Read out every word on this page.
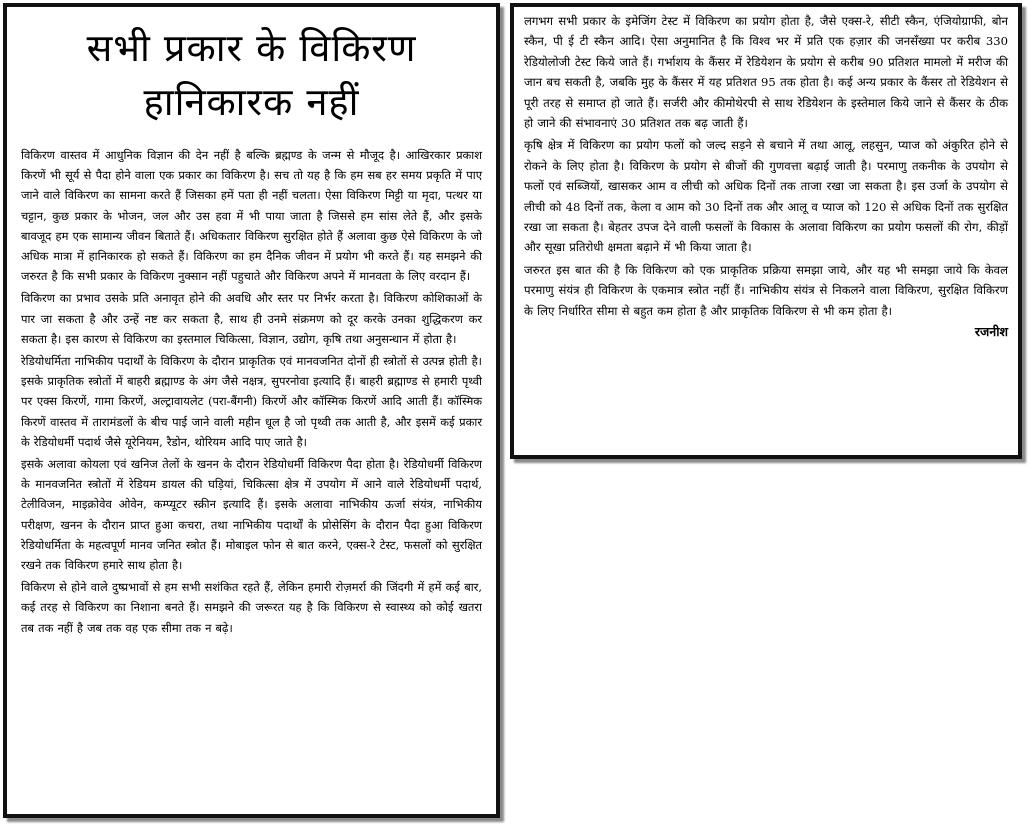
सभी प्रकार के विकिरण
हानिकारक नहीं

विकिरण वास्तव में आधुनिक विज्ञान की देन नहीं है बल्कि ब्रह्मण्ड के जन्म से मौजूद है। आखिरकार प्रकाश किरणें भी सूर्य से पैदा होने वाला एक प्रकार का विकिरण है। सच तो यह है कि हम सब हर समय प्रकृति में पाए जाने वाले विकिरण का सामना करते हैं जिसका हमें पता ही नहीं चलता। ऐसा विकिरण मिट्टी या मृदा, पत्थर या चट्टान, कुछ प्रकार के भोजन, जल और उस हवा में भी पाया जाता है जिससे हम सांस लेते हैं, और इसके बावजूद हम एक सामान्य जीवन बिताते हैं। अधिकतार विकिरण सुरक्षित होते हैं अलावा कुछ ऐसे विकिरण के जो अधिक मात्रा में हानिकारक हो सकते हैं। विकिरण का हम दैनिक जीवन में प्रयोग भी करते हैं। यह समझने की जरुरत है कि सभी प्रकार के विकिरण नुक्सान नहीं पहुचाते और विकिरण अपने में मानवता के लिए वरदान हैं।

विकिरण का प्रभाव उसके प्रति अनावृत होने की अवधि और स्तर पर निर्भर करता है। विकिरण कोशिकाओं के पार जा सकता है और उन्हें नष्ट कर सकता है, साथ ही उनमे संक्रमण को दूर करके उनका शुद्धिकरण कर सकता है। इस कारण से विकिरण का इस्तमाल चिकित्सा, विज्ञान, उद्योग, कृषि तथा अनुसन्धान में होता है।

रेडियोधर्मिता नाभिकीय पदार्थों के विकिरण के दौरान प्राकृतिक एवं मानवजनित दोनों ही स्त्रोतों से उत्पन्न होती है। इसके प्राकृतिक स्त्रोतों में बाहरी ब्रह्माण्ड के अंग जैसे नक्षत्र, सुपरनोवा इत्यादि हैं। बाहरी ब्रह्माण्ड से हमारी पृथ्वी पर एक्स किरणें, गामा किरणें, अल्ट्रावायलेट (परा-बैंगनी) किरणें और कॉस्मिक किरणें आदि आती हैं। कॉस्मिक किरणें वास्तव में तारामंडलों के बीच पाई जाने वाली महीन धूल है जो पृथ्वी तक आती है, और इसमें कई प्रकार के रेडियोधर्मी पदार्थ जैसे यूरेनियम, रैडोन, थोरियम आदि पाए जाते है।

इसके अलावा कोयला एवं खनिज तेलों के खनन के दौरान रेडियोधर्मी विकिरण पैदा होता है। रेडियोधर्मी विकिरण के मानवजनित स्त्रोतों में रेडियम डायल की घड़ियां, चिकित्सा क्षेत्र में उपयोग में आने वाले रेडियोधर्मी पदार्थ, टेलीविजन, माइक्रोवेव ओवेन, कम्प्यूटर स्क्रीन इत्यादि हैं। इसके अलावा नाभिकीय ऊर्जा संयंत्र, नाभिकीय परीक्षण, खनन के दौरान प्राप्त हुआ कचरा, तथा नाभिकीय पदार्थों के प्रोसेसिंग के दौरान पैदा हुआ विकिरण रेडियोधर्मिता के महत्वपूर्ण मानव जनित स्त्रोत हैं। मोबाइल फोन से बात करने, एक्स-रे टेस्ट, फसलों को सुरक्षित रखने तक विकिरण हमारे साथ होता है।

विकिरण से होने वाले दुष्प्रभावों से हम सभी सशंकित रहते हैं, लेकिन हमारी रोज़मर्रा की जिंदगी में हमें कई बार, कई तरह से विकिरण का निशाना बनते हैं। समझने की जरूरत यह है कि विकिरण से स्वास्थ्य को कोई खतरा तब तक नहीं है जब तक वह एक सीमा तक न बढ़े।

लगभग सभी प्रकार के इमेजिंग टेस्ट में विकिरण का प्रयोग होता है, जैसे एक्स-रे, सीटी स्कैन, एंजियोग्राफी, बोन स्कैन, पी ई टी स्कैन आदि। ऐसा अनुमानित है कि विश्व भर में प्रति एक हज़ार की जनसँख्या पर करीब 330 रेडियोलोजी टेस्ट किये जाते हैं। गर्भाशय के कैंसर में रेडियेशन के प्रयोग से करीब 90 प्रतिशत मामलो में मरीज की जान बच सकती है, जबकि मुह के कैंसर में यह प्रतिशत 95 तक होता है। कई अन्य प्रकार के कैंसर तो रेडियेशन से पूरी तरह से समाप्त हो जाते हैं। सर्जरी और कीमोथेरपी से साथ रेडियेशन के इस्तेमाल किये जाने से कैंसर के ठीक हो जाने की संभावनाएं 30 प्रतिशत तक बढ़ जाती हैं।

कृषि क्षेत्र में विकिरण का प्रयोग फलों को जल्द सड़ने से बचाने में तथा आलू, लहसुन, प्याज को अंकुरित होने से रोकने के लिए होता है। विकिरण के प्रयोग से बीजों की गुणवत्ता बढ़ाई जाती है। परमाणु तकनीक के उपयोग से फलों एवं सब्जियों, खासकर आम व लीची को अधिक दिनों तक ताजा रखा जा सकता है। इस उर्जा के उपयोग से लीची को 48 दिनों तक, केला व आम को 30 दिनों तक और आलू व प्याज को 120 से अधिक दिनों तक सुरक्षित रखा जा सकता है। बेहतर उपज देने वाली फसलों के विकास के अलावा विकिरण का प्रयोग फसलों की रोग, कीड़ों और सूखा प्रतिरोधी क्षमता बढ़ाने में भी किया जाता है।

जरुरत इस बात की है कि विकिरण को एक प्राकृतिक प्रक्रिया समझा जाये, और यह भी समझा जाये कि केवल परमाणु संयंत्र ही विकिरण के एकमात्र स्त्रोत नहीं हैं। नाभिकीय संयंत्र से निकलने वाला विकिरण, सुरक्षित विकिरण के लिए निर्धारित सीमा से बहुत कम होता है और प्राकृतिक विकिरण से भी कम होता है।

रजनीश
